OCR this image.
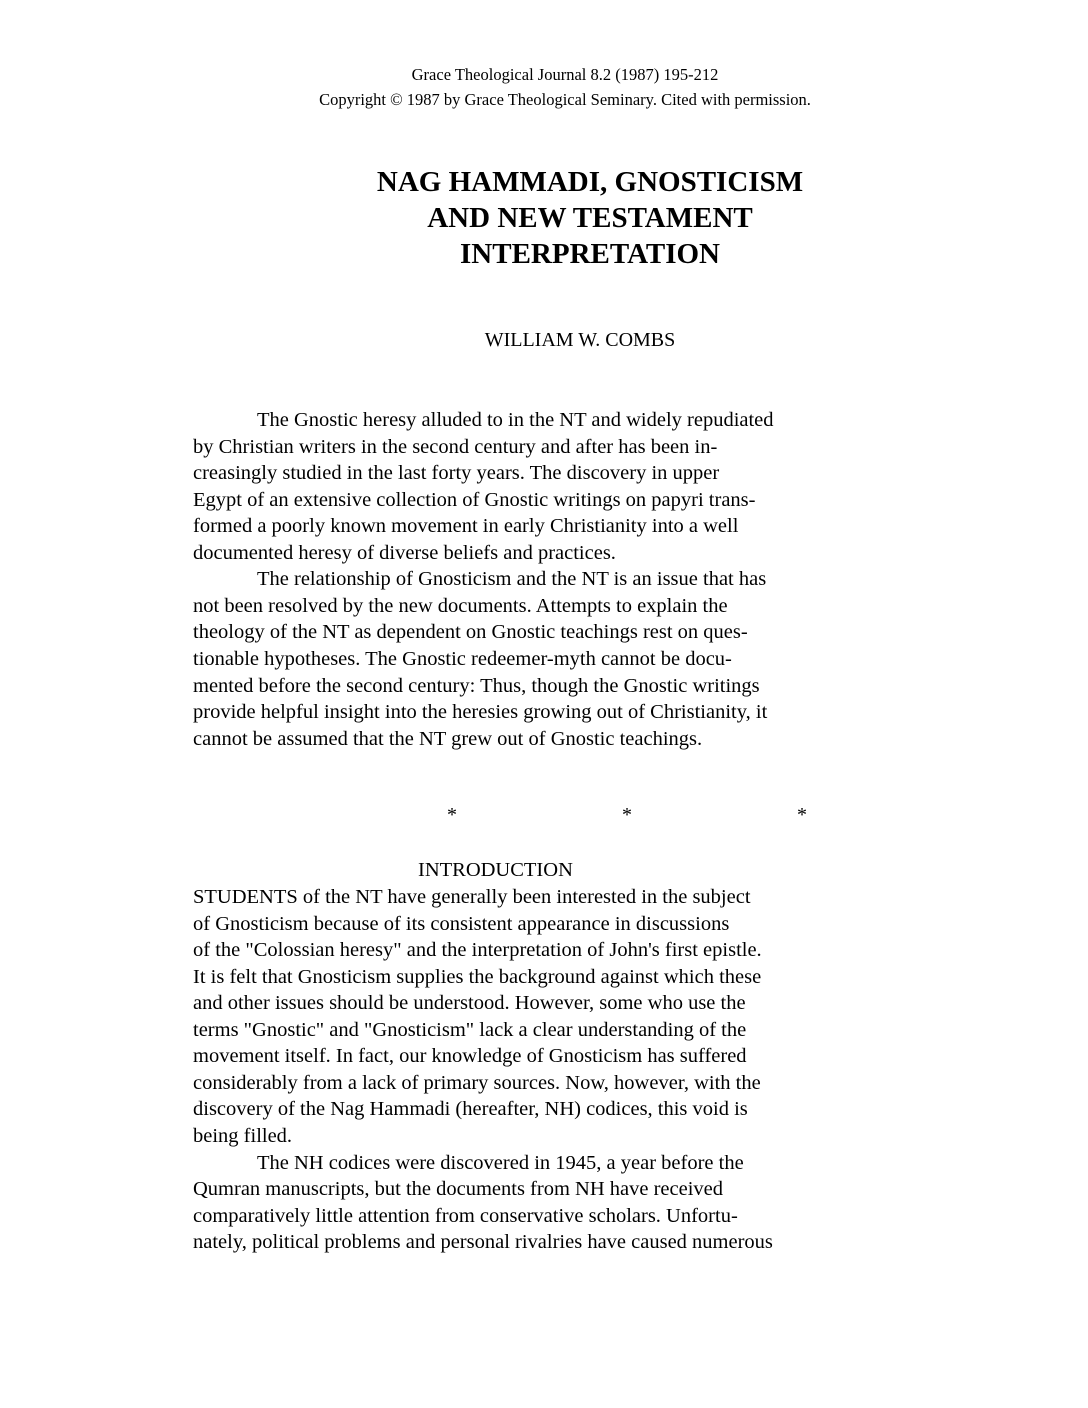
Grace Theological Journal 8.2 (1987) 195-212
Copyright © 1987 by Grace Theological Seminary. Cited with permission.
NAG HAMMADI, GNOSTICISM
AND NEW TESTAMENT
INTERPRETATION
WILLIAM W. COMBS
The Gnostic heresy alluded to in the NT and widely repudiated
by Christian writers in the second century and after has been in-
creasingly studied in the last forty years. The discovery in upper
Egypt of an extensive collection of Gnostic writings on papyri trans-
formed a poorly known movement in early Christianity into a well
documented heresy of diverse beliefs and practices.
The relationship of Gnosticism and the NT is an issue that has
not been resolved by the new documents. Attempts to explain the
theology of the NT as dependent on Gnostic teachings rest on ques-
tionable hypotheses. The Gnostic redeemer-myth cannot be docu-
mented before the second century: Thus, though the Gnostic writings
provide helpful insight into the heresies growing out of Christianity, it
cannot be assumed that the NT grew out of Gnostic teachings.
*     *     *
INTRODUCTION
STUDENTS of the NT have generally been interested in the subject
of Gnosticism because of its consistent appearance in discussions
of the "Colossian heresy" and the interpretation of John's first epistle.
It is felt that Gnosticism supplies the background against which these
and other issues should be understood. However, some who use the
terms "Gnostic" and "Gnosticism" lack a clear understanding of the
movement itself. In fact, our knowledge of Gnosticism has suffered
considerably from a lack of primary sources. Now, however, with the
discovery of the Nag Hammadi (hereafter, NH) codices, this void is
being filled.
The NH codices were discovered in 1945, a year before the
Qumran manuscripts, but the documents from NH have received
comparatively little attention from conservative scholars. Unfortu-
nately, political problems and personal rivalries have caused numerous
